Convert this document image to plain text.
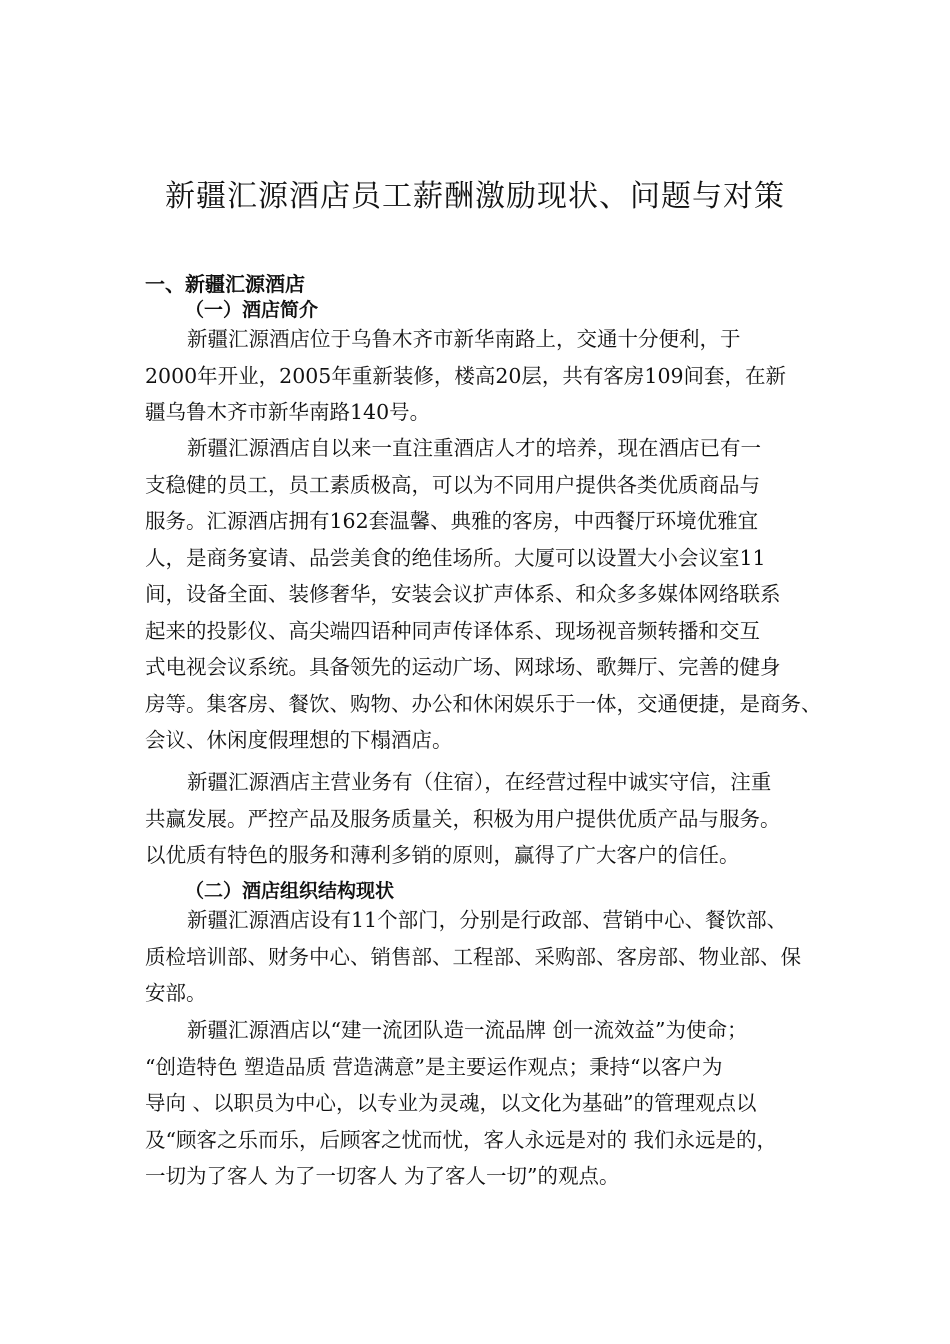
新疆汇源酒店员工薪酬激励现状、问题与对策
一、新疆汇源酒店
（一）酒店简介

新疆汇源酒店位于乌鲁木齐市新华南路上，交通十分便利，于
2000年开业，2005年重新装修，楼高20层，共有客房109间套，在新
疆乌鲁木齐市新华南路140号。

新疆汇源酒店自以来一直注重酒店人才的培养，现在酒店已有一
支稳健的员工，员工素质极高，可以为不同用户提供各类优质商品与
服务。汇源酒店拥有162套温馨、典雅的客房，中西餐厅环境优雅宜
人，是商务宴请、品尝美食的绝佳场所。大厦可以设置大小会议室11
间，设备全面、装修奢华，安装会议扩声体系、和众多多媒体网络联系
起来的投影仪、高尖端四语种同声传译体系、现场视音频转播和交互
式电视会议系统。具备领先的运动广场、网球场、歌舞厅、完善的健身
房等。集客房、餐饮、购物、办公和休闲娱乐于一体，交通便捷，是商务、
会议、休闲度假理想的下榻酒店。

新疆汇源酒店主营业务有（住宿），在经营过程中诚实守信，注重
共赢发展。严控产品及服务质量关，积极为用户提供优质产品与服务。
以优质有特色的服务和薄利多销的原则，赢得了广大客户的信任。

（二）酒店组织结构现状

新疆汇源酒店设有11个部门，分别是行政部、营销中心、餐饮部、
质检培训部、财务中心、销售部、工程部、采购部、客房部、物业部、保
安部。

新疆汇源酒店以“建一流团队造一流品牌 创一流效益”为使命；
“创造特色 塑造品质 营造满意”是主要运作观点；秉持“以客户为
导向 、以职员为中心，以专业为灵魂，以文化为基础”的管理观点以
及“顾客之乐而乐，后顾客之忧而忧，客人永远是对的 我们永远是的，
一切为了客人 为了一切客人 为了客人一切”的观点。
